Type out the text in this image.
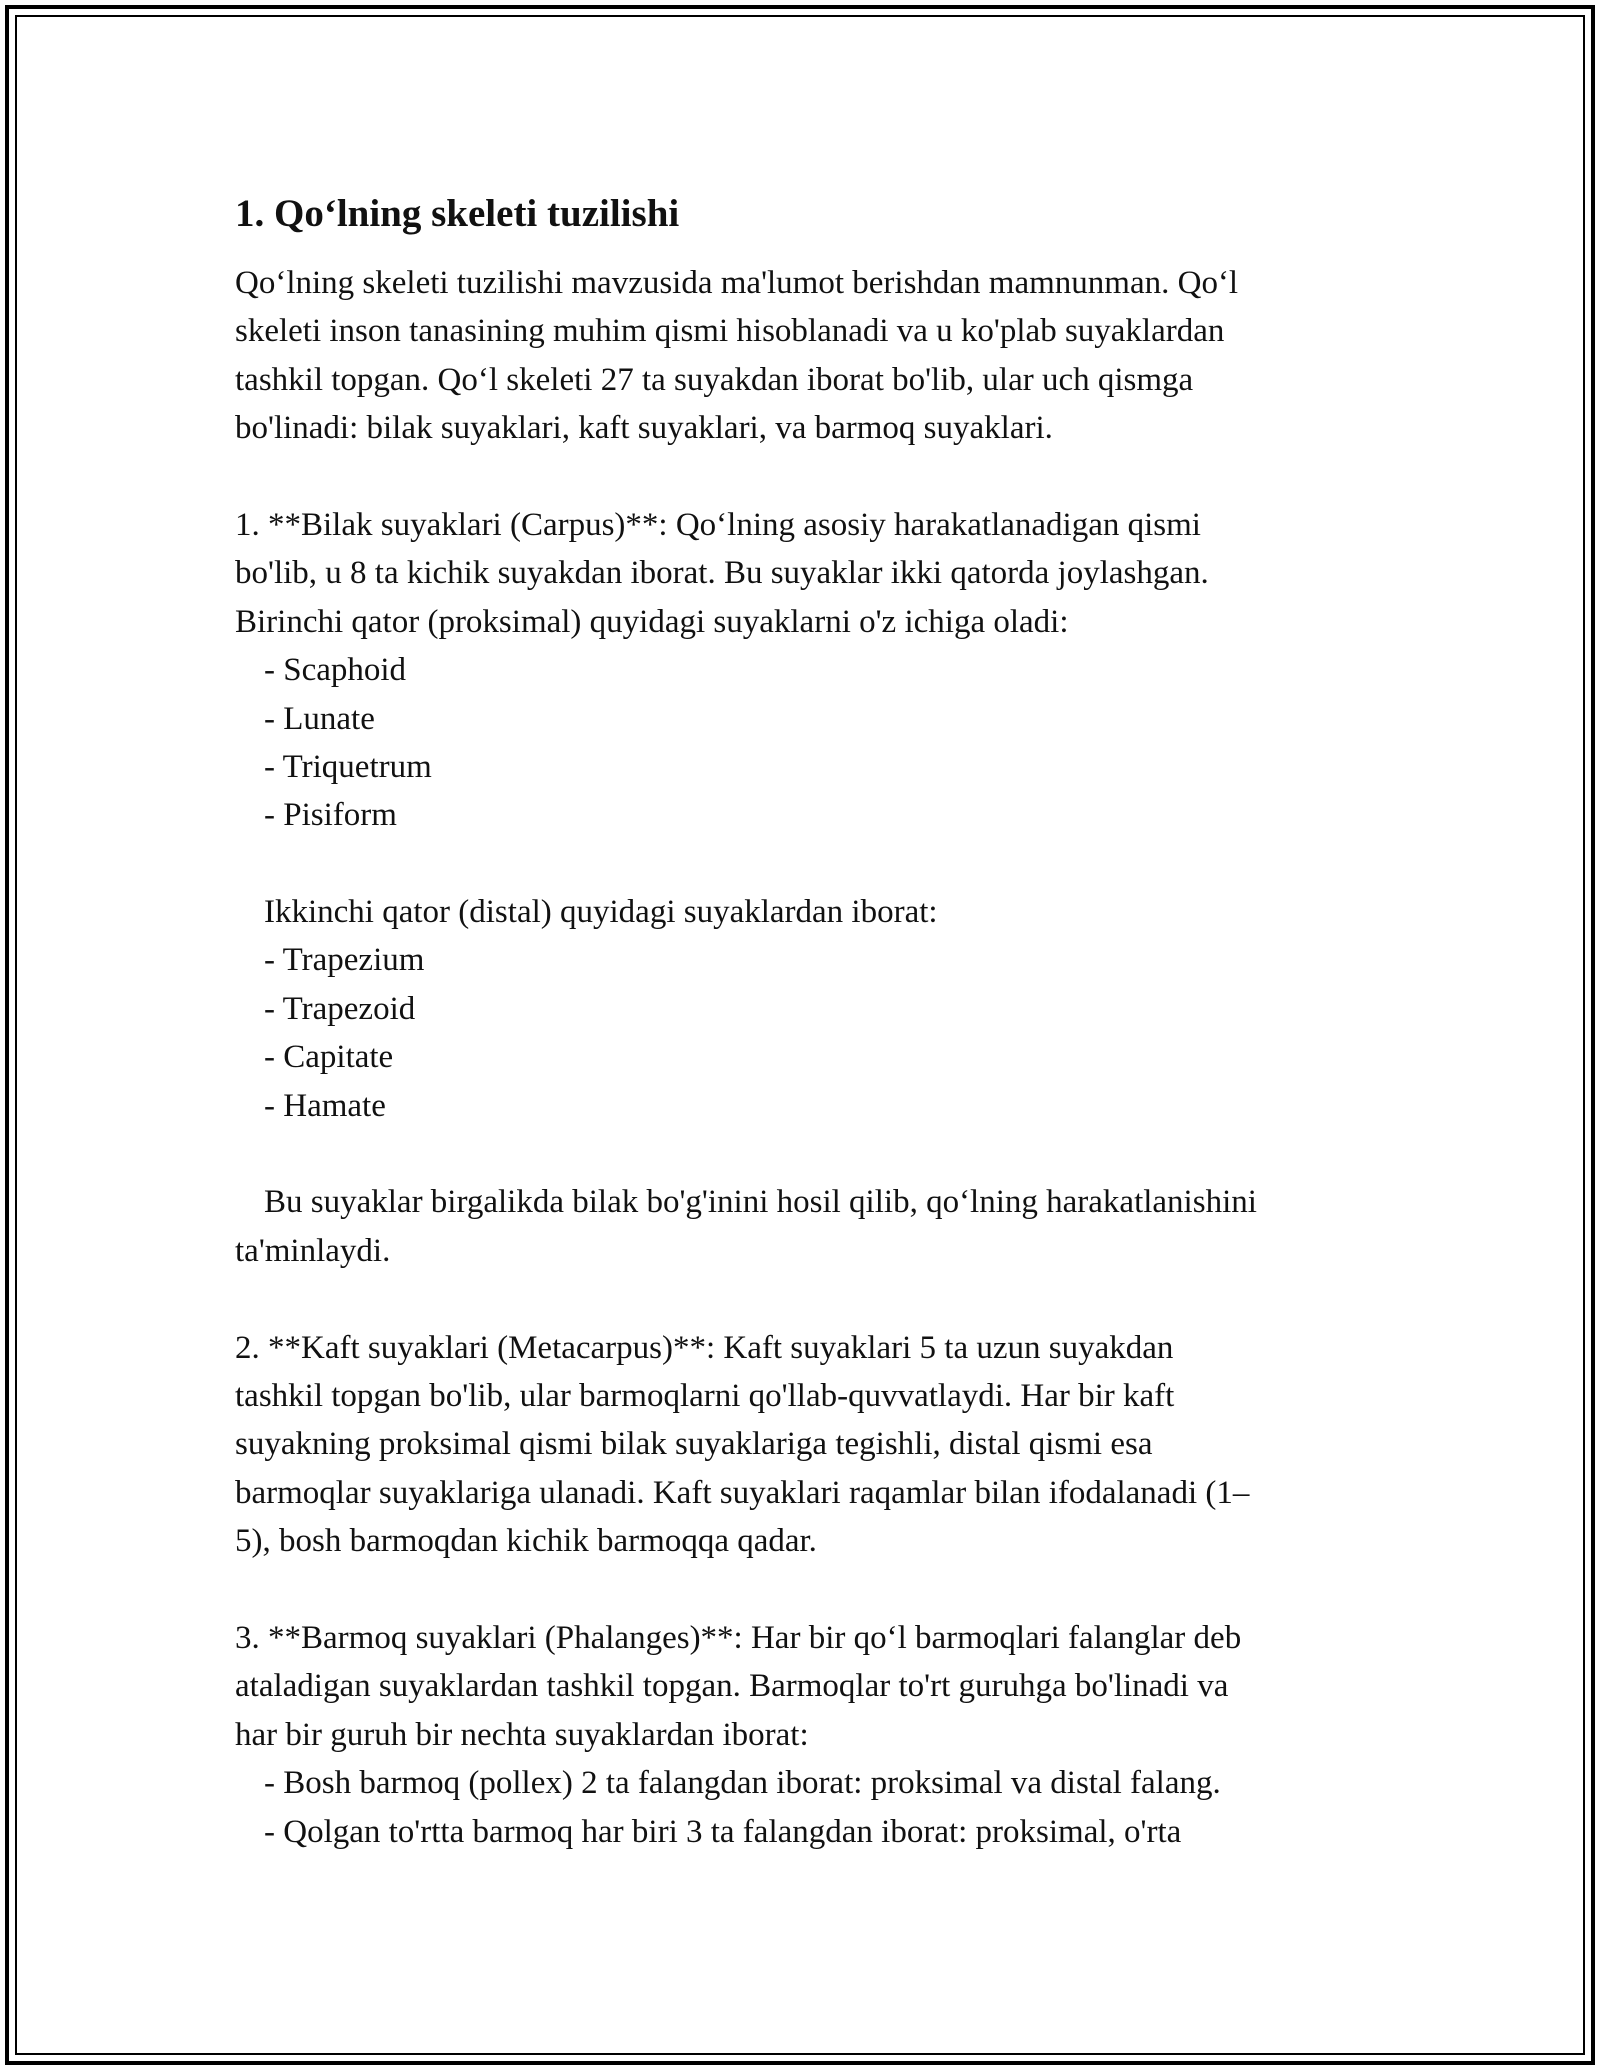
1. Qo‘lning skeleti tuzilishi
Qo‘lning skeleti tuzilishi mavzusida ma'lumot berishdan mamnunman. Qo‘l
skeleti inson tanasining muhim qismi hisoblanadi va u ko'plab suyaklardan
tashkil topgan. Qo‘l skeleti 27 ta suyakdan iborat bo'lib, ular uch qismga
bo'linadi: bilak suyaklari, kaft suyaklari, va barmoq suyaklari.
1. **Bilak suyaklari (Carpus)**: Qo‘lning asosiy harakatlanadigan qismi
bo'lib, u 8 ta kichik suyakdan iborat. Bu suyaklar ikki qatorda joylashgan.
Birinchi qator (proksimal) quyidagi suyaklarni o'z ichiga oladi:
- Scaphoid
- Lunate
- Triquetrum
- Pisiform
Ikkinchi qator (distal) quyidagi suyaklardan iborat:
- Trapezium
- Trapezoid
- Capitate
- Hamate
Bu suyaklar birgalikda bilak bo'g'inini hosil qilib, qo‘lning harakatlanishini
ta'minlaydi.
2. **Kaft suyaklari (Metacarpus)**: Kaft suyaklari 5 ta uzun suyakdan
tashkil topgan bo'lib, ular barmoqlarni qo'llab-quvvatlaydi. Har bir kaft
suyakning proksimal qismi bilak suyaklariga tegishli, distal qismi esa
barmoqlar suyaklariga ulanadi. Kaft suyaklari raqamlar bilan ifodalanadi (1–
5), bosh barmoqdan kichik barmoqqa qadar.
3. **Barmoq suyaklari (Phalanges)**: Har bir qo‘l barmoqlari falanglar deb
ataladigan suyaklardan tashkil topgan. Barmoqlar to'rt guruhga bo'linadi va
har bir guruh bir nechta suyaklardan iborat:
- Bosh barmoq (pollex) 2 ta falangdan iborat: proksimal va distal falang.
- Qolgan to'rtta barmoq har biri 3 ta falangdan iborat: proksimal, o'rta
